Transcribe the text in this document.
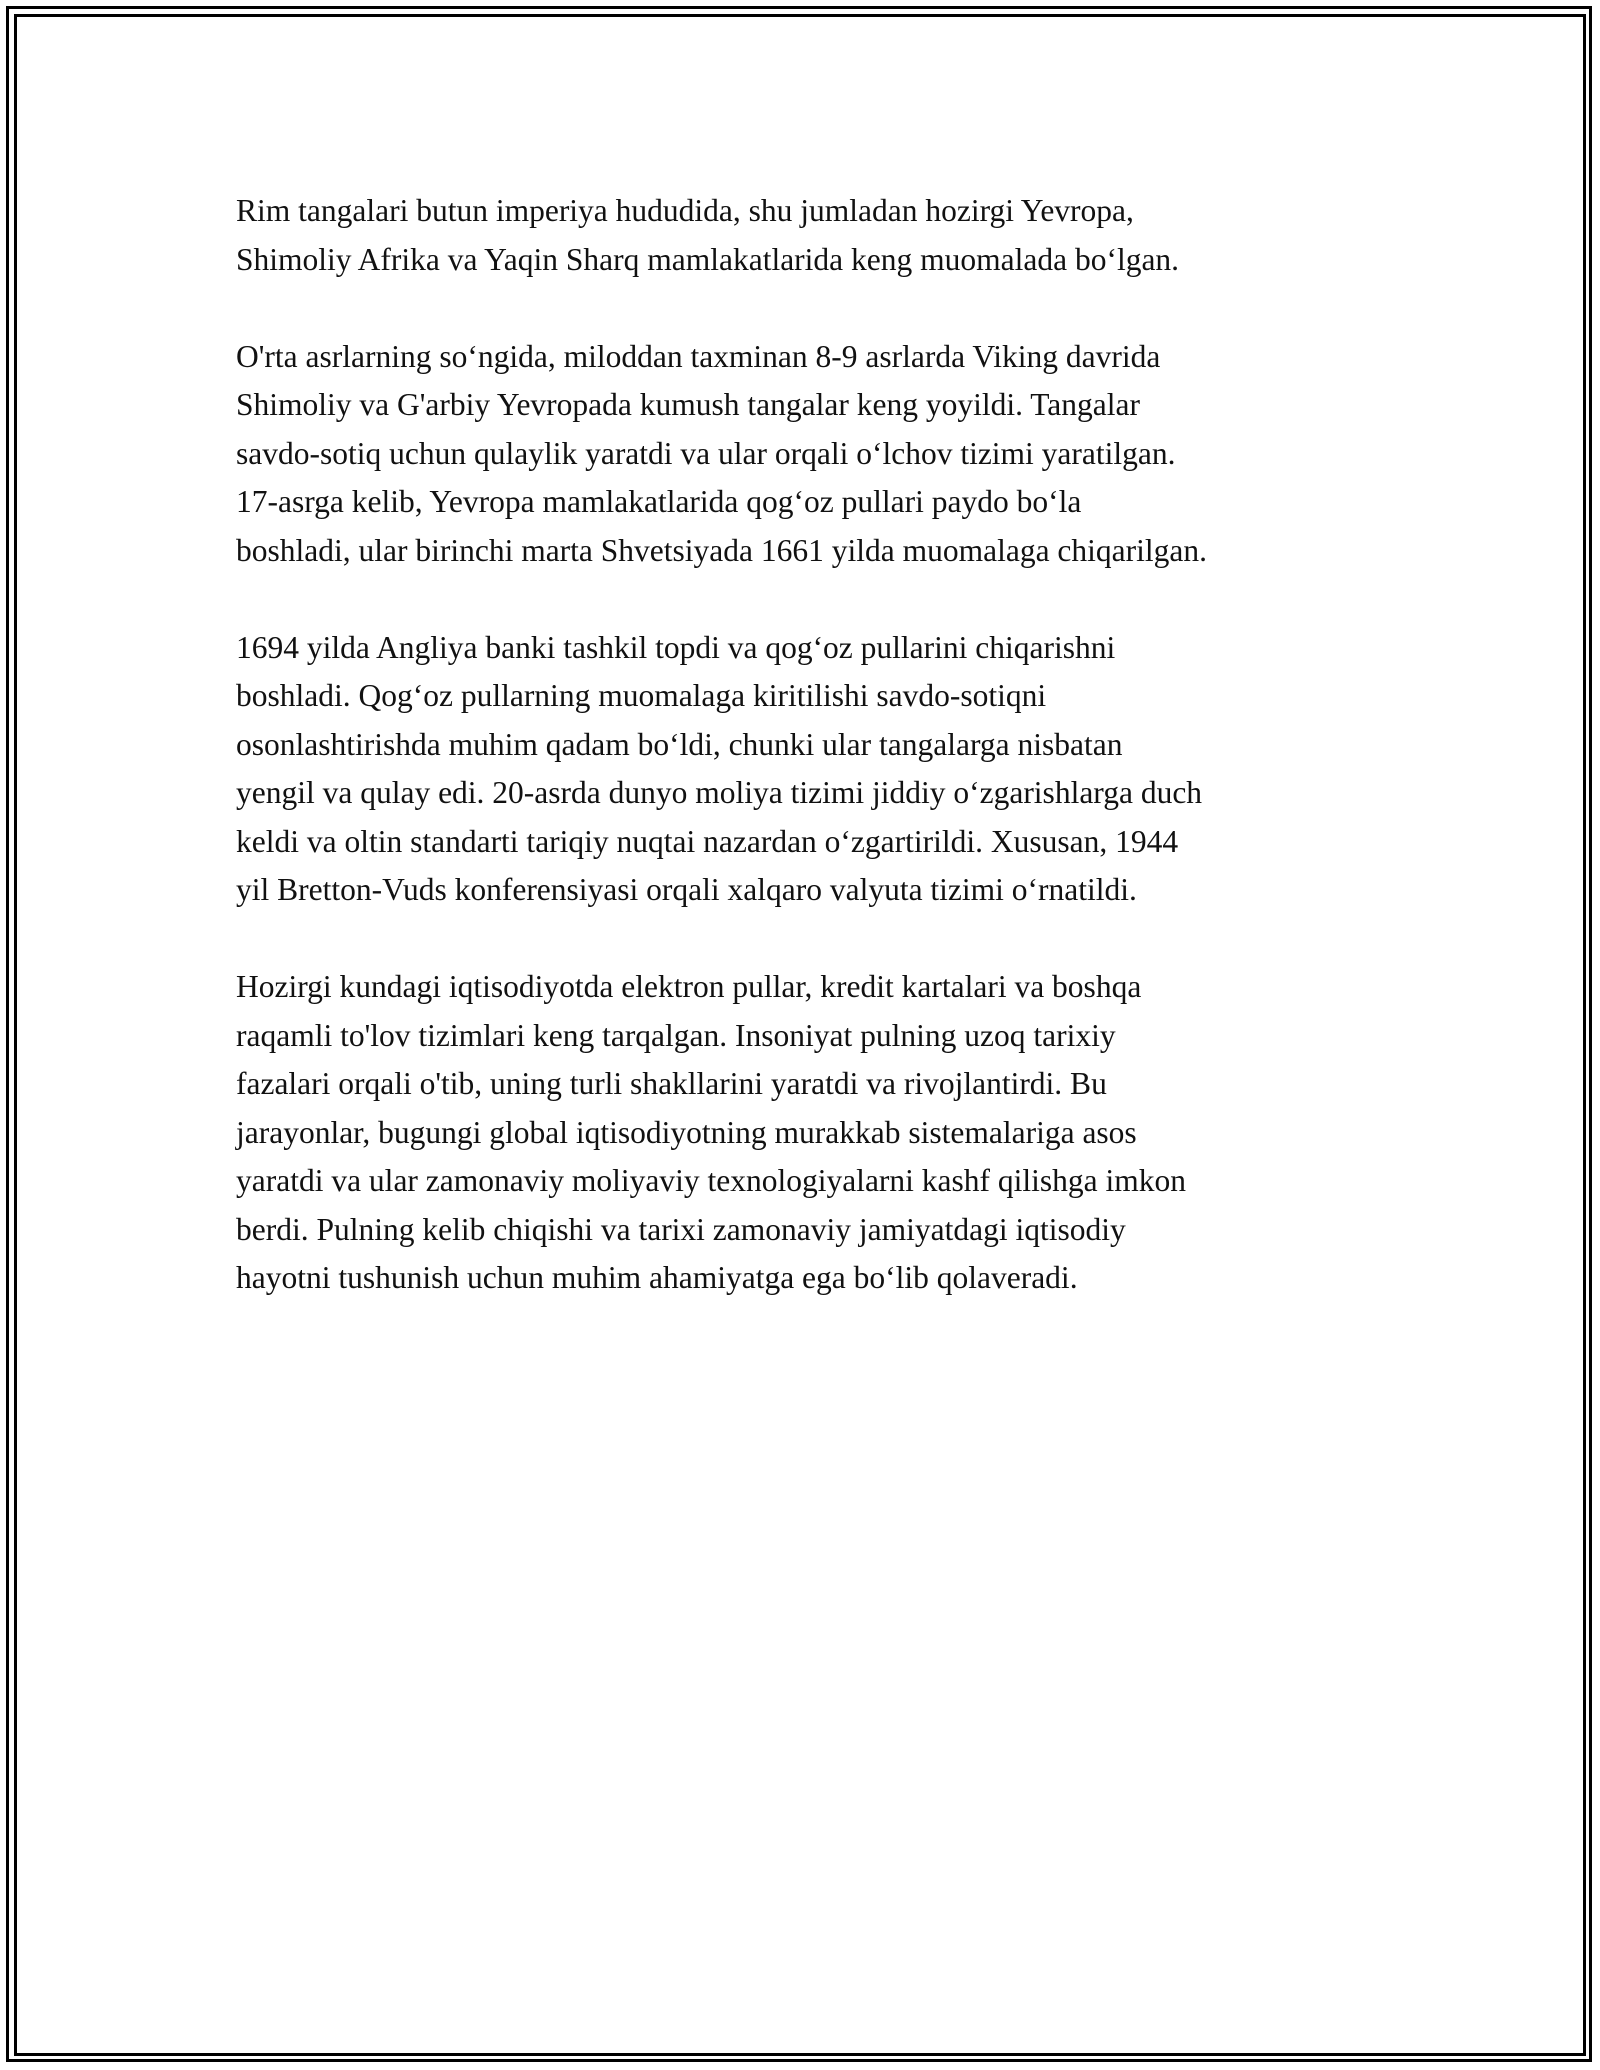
Rim tangalari butun imperiya hududida, shu jumladan hozirgi Yevropa,
Shimoliy Afrika va Yaqin Sharq mamlakatlarida keng muomalada bo‘lgan.

O'rta asrlarning so‘ngida, miloddan taxminan 8-9 asrlarda Viking davrida
Shimoliy va G'arbiy Yevropada kumush tangalar keng yoyildi. Tangalar
savdo-sotiq uchun qulaylik yaratdi va ular orqali o‘lchov tizimi yaratilgan.
17-asrga kelib, Yevropa mamlakatlarida qog‘oz pullari paydo bo‘la
boshladi, ular birinchi marta Shvetsiyada 1661 yilda muomalaga chiqarilgan.

1694 yilda Angliya banki tashkil topdi va qog‘oz pullarini chiqarishni
boshladi. Qog‘oz pullarning muomalaga kiritilishi savdo-sotiqni
osonlashtirishda muhim qadam bo‘ldi, chunki ular tangalarga nisbatan
yengil va qulay edi. 20-asrda dunyo moliya tizimi jiddiy o‘zgarishlarga duch
keldi va oltin standarti tariqiy nuqtai nazardan o‘zgartirildi. Xususan, 1944
yil Bretton-Vuds konferensiyasi orqali xalqaro valyuta tizimi o‘rnatildi.

Hozirgi kundagi iqtisodiyotda elektron pullar, kredit kartalari va boshqa
raqamli to'lov tizimlari keng tarqalgan. Insoniyat pulning uzoq tarixiy
fazalari orqali o'tib, uning turli shakllarini yaratdi va rivojlantirdi. Bu
jarayonlar, bugungi global iqtisodiyotning murakkab sistemalariga asos
yaratdi va ular zamonaviy moliyaviy texnologiyalarni kashf qilishga imkon
berdi. Pulning kelib chiqishi va tarixi zamonaviy jamiyatdagi iqtisodiy
hayotni tushunish uchun muhim ahamiyatga ega bo‘lib qolaveradi.
